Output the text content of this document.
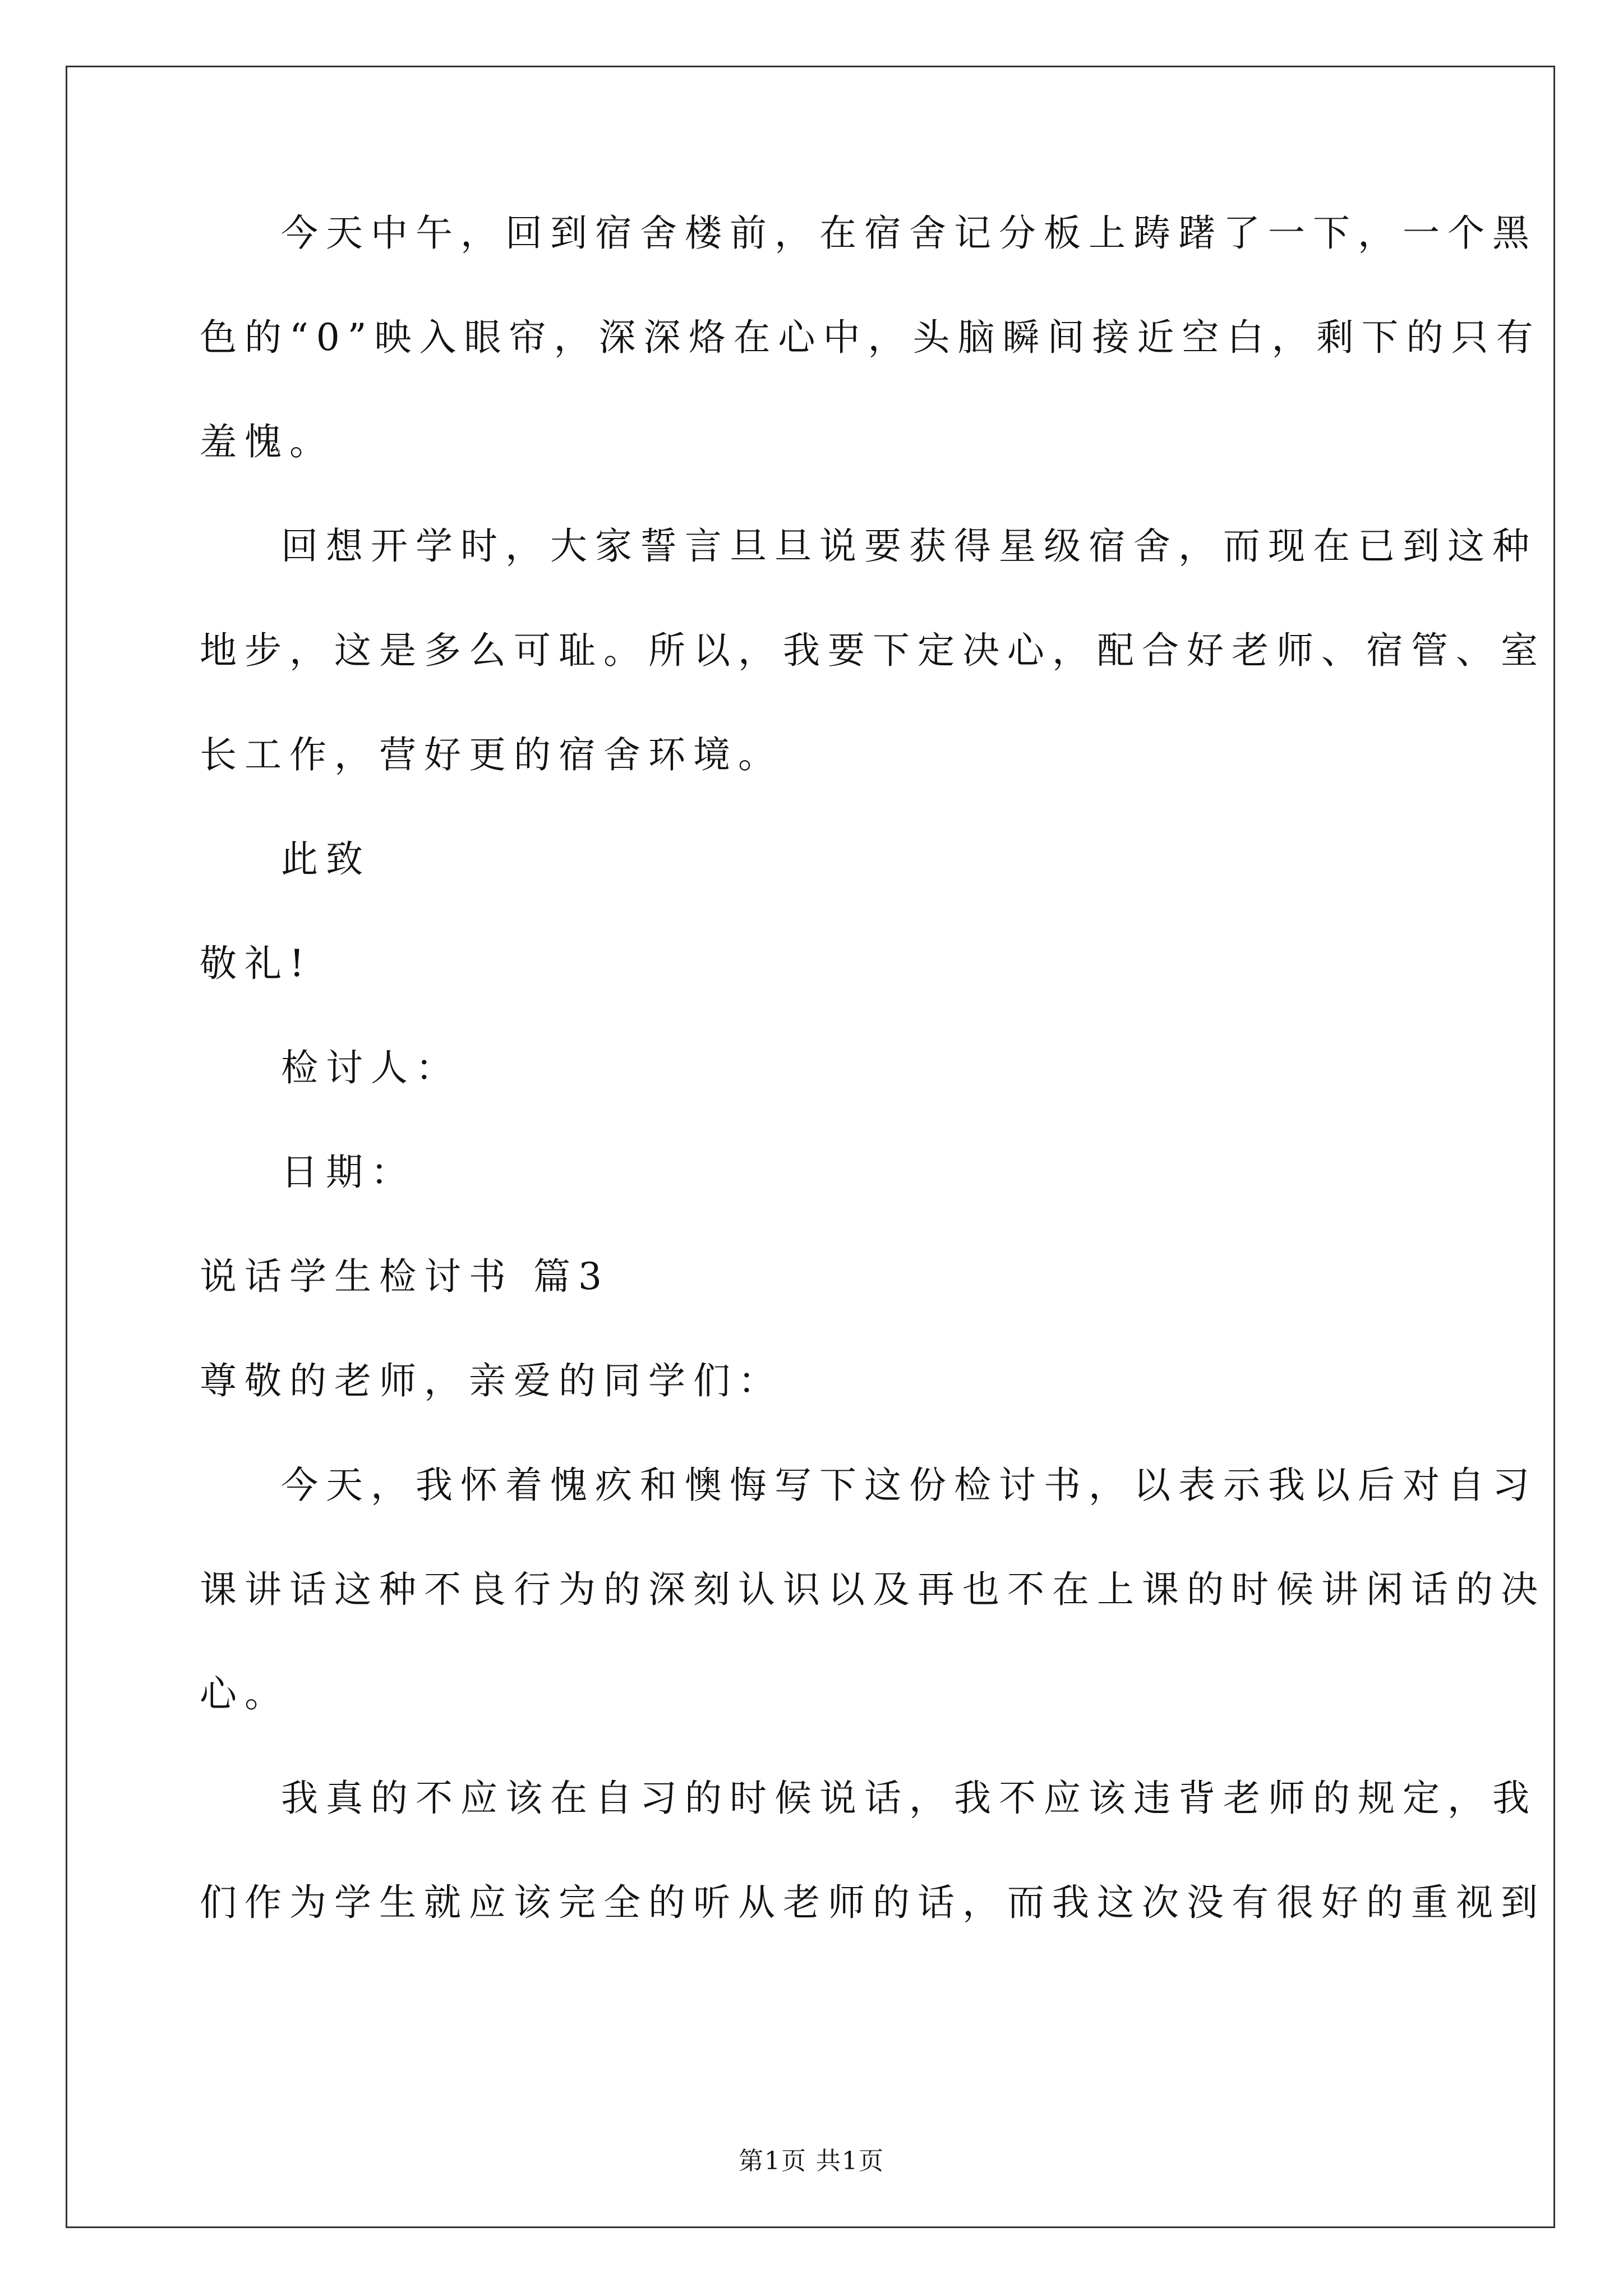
今天中午，回到宿舍楼前，在宿舍记分板上踌躇了一下，一个黑
色的“0”映入眼帘，深深烙在心中，头脑瞬间接近空白，剩下的只有
羞愧。
回想开学时，大家誓言旦旦说要获得星级宿舍，而现在已到这种
地步，这是多么可耻。所以，我要下定决心，配合好老师、宿管、室
长工作，营好更的宿舍环境。
此致
敬礼!
检讨人：
日期：
说话学生检讨书 篇3
尊敬的老师，亲爱的同学们：
今天，我怀着愧疚和懊悔写下这份检讨书，以表示我以后对自习
课讲话这种不良行为的深刻认识以及再也不在上课的时候讲闲话的决
心。
我真的不应该在自习的时候说话，我不应该违背老师的规定，我
们作为学生就应该完全的听从老师的话，而我这次没有很好的重视到
第1页 共1页
